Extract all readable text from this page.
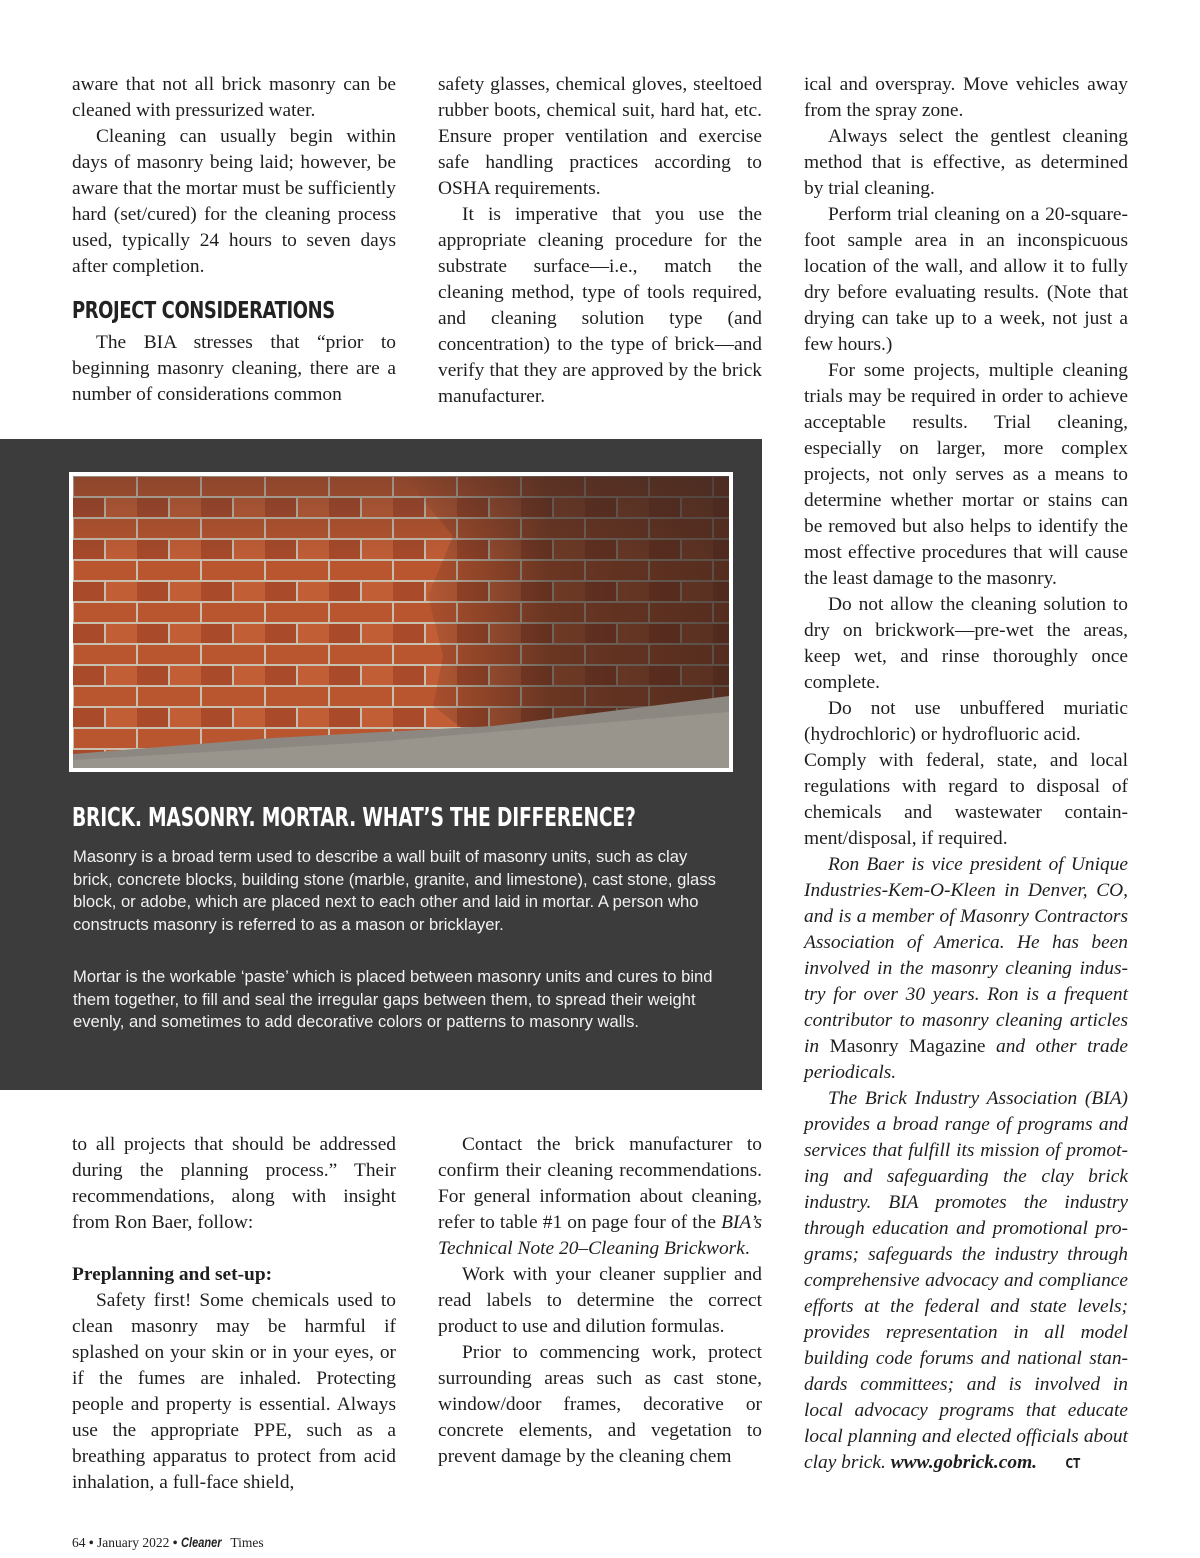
aware that not all brick masonry can be cleaned with pressurized water.

Cleaning can usually begin within days of masonry being laid; however, be aware that the mortar must be sufficiently hard (set/cured) for the cleaning process used, typically 24 hours to seven days after completion.

PROJECT CONSIDERATIONS

The BIA stresses that “prior to beginning masonry cleaning, there are a number of considerations common

safety glasses, chemical gloves, steeltoed rubber boots, chemical suit, hard hat, etc. Ensure proper ventilation and exercise safe handling practices according to OSHA requirements.

It is imperative that you use the appropriate cleaning procedure for the substrate surface—i.e., match the cleaning method, type of tools required, and cleaning solution type (and concentration) to the type of brick—and verify that they are approved by the brick manufacturer.

ical and overspray. Move vehicles away from the spray zone.

Always select the gentlest cleaning method that is effective, as determined by trial cleaning.

Perform trial cleaning on a 20-square-foot sample area in an inconspicuous location of the wall, and allow it to fully dry before evaluating results. (Note that drying can take up to a week, not just a few hours.)

For some projects, multiple cleaning trials may be required in order to achieve acceptable results. Trial cleaning, especially on larger, more complex projects, not only serves as a means to determine whether mortar or stains can be removed but also helps to identify the most effective procedures that will cause the least damage to the masonry.

Do not allow the cleaning solution to dry on brickwork—pre-wet the areas, keep wet, and rinse thoroughly once complete.

Do not use unbuffered muriatic (hydrochloric) or hydrofluoric acid.

Comply with federal, state, and local regulations with regard to disposal of chemicals and wastewater containment/disposal, if required.

Ron Baer is vice president of Unique Industries-Kem-O-Kleen in Denver, CO, and is a member of Masonry Contractors Association of America. He has been involved in the masonry cleaning industry for over 30 years. Ron is a frequent contributor to masonry cleaning articles in Masonry Magazine and other trade periodicals.

The Brick Industry Association (BIA) provides a broad range of programs and services that fulfill its mission of promoting and safeguarding the clay brick industry. BIA promotes the industry through education and promotional programs; safeguards the industry through comprehensive advocacy and compliance efforts at the federal and state levels; provides representation in all model building code forums and national standards committees; and is involved in local advocacy programs that educate local planning and elected officials about clay brick. www.gobrick.com. CT

BRICK. MASONRY. MORTAR. WHAT’S THE DIFFERENCE?

Masonry is a broad term used to describe a wall built of masonry units, such as clay brick, concrete blocks, building stone (marble, granite, and limestone), cast stone, glass block, or adobe, which are placed next to each other and laid in mortar. A person who constructs masonry is referred to as a mason or bricklayer.

Mortar is the workable ‘paste’ which is placed between masonry units and cures to bind them together, to fill and seal the irregular gaps between them, to spread their weight evenly, and sometimes to add decorative colors or patterns to masonry walls.

to all projects that should be addressed during the planning process.” Their recommendations, along with insight from Ron Baer, follow:

Preplanning and set-up:

Safety first! Some chemicals used to clean masonry may be harmful if splashed on your skin or in your eyes, or if the fumes are inhaled. Protecting people and property is essential. Always use the appropriate PPE, such as a breathing apparatus to protect from acid inhalation, a full-face shield,

Contact the brick manufacturer to confirm their cleaning recommendations. For general information about cleaning, refer to table #1 on page four of the BIA’s Technical Note 20–Cleaning Brickwork.

Work with your cleaner supplier and read labels to determine the correct product to use and dilution formulas.

Prior to commencing work, protect surrounding areas such as cast stone, window/door frames, decorative or concrete elements, and vegetation to prevent damage by the cleaning chem

64 • January 2022 • Cleaner Times
